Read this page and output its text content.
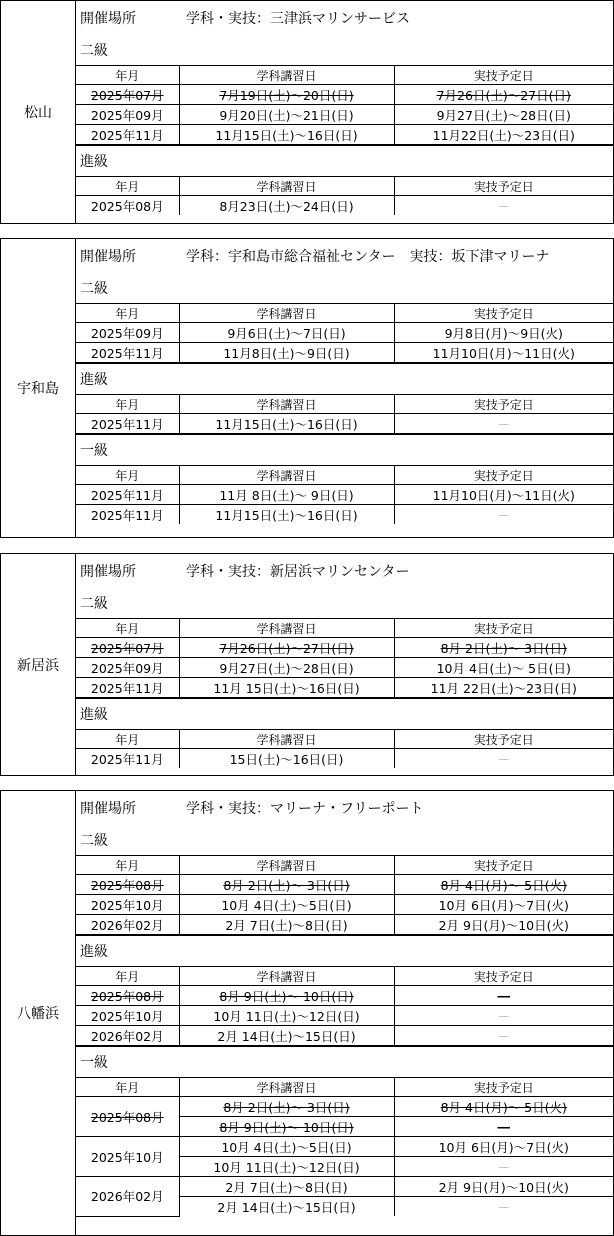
松山
開催場所	学科・実技：三津浜マリンサービス
二級
年月	学科講習日	実技予定日
2025年07月	7月19日(土)～20日(日)	7月26日(土)～27日(日)
2025年09月	9月20日(土)～21日(日)	9月27日(土)～28日(日)
2025年11月	11月15日(土)～16日(日)	11月22日(土)～23日(日)
進級
年月	学科講習日	実技予定日
2025年08月	8月23日(土)～24日(日)	－
宇和島
開催場所	学科：宇和島市総合福祉センター　実技：坂下津マリーナ
二級
年月	学科講習日	実技予定日
2025年09月	9月6日(土)～7日(日)	9月8日(月)～9日(火)
2025年11月	11月8日(土)～9日(日)	11月10日(月)～11日(火)
進級
年月	学科講習日	実技予定日
2025年11月	11月15日(土)～16日(日)	－
一級
年月	学科講習日	実技予定日
2025年11月	11月 8日(土)～ 9日(日)	11月10日(月)～11日(火)
2025年11月	11月15日(土)～16日(日)	－
新居浜
開催場所	学科・実技：新居浜マリンセンター
二級
年月	学科講習日	実技予定日
2025年07月	7月26日(土)～27日(日)	8月 2日(土)～ 3日(日)
2025年09月	9月27日(土)～28日(日)	10月 4日(土)～ 5日(日)
2025年11月	11月 15日(土)～16日(日)	11月 22日(土)～23日(日)
進級
年月	学科講習日	実技予定日
2025年11月	15日(土)～16日(日)	－
八幡浜
開催場所	学科・実技：マリーナ・フリーポート
二級
年月	学科講習日	実技予定日
2025年08月	8月 2日(土)～ 3日(日)	8月 4日(月)～ 5日(火)
2025年10月	10月 4日(土)～5日(日)	10月 6日(月)～7日(火)
2026年02月	2月 7日(土)～8日(日)	2月 9日(月)～10日(火)
進級
年月	学科講習日	実技予定日
2025年08月	8月 9日(土)～ 10日(日)	―
2025年10月	10月 11日(土)～12日(日)	－
2026年02月	2月 14日(土)～15日(日)	－
一級
年月	学科講習日	実技予定日
2025年08月	8月 2日(土)～ 3日(日)	8月 4日(月)～ 5日(火)
	8月 9日(土)～ 10日(日)	―
2025年10月	10月 4日(土)～5日(日)	10月 6日(月)～7日(火)
	10月 11日(土)～12日(日)	－
2026年02月	2月 7日(土)～8日(日)	2月 9日(月)～10日(火)
	2月 14日(土)～15日(日)	－
